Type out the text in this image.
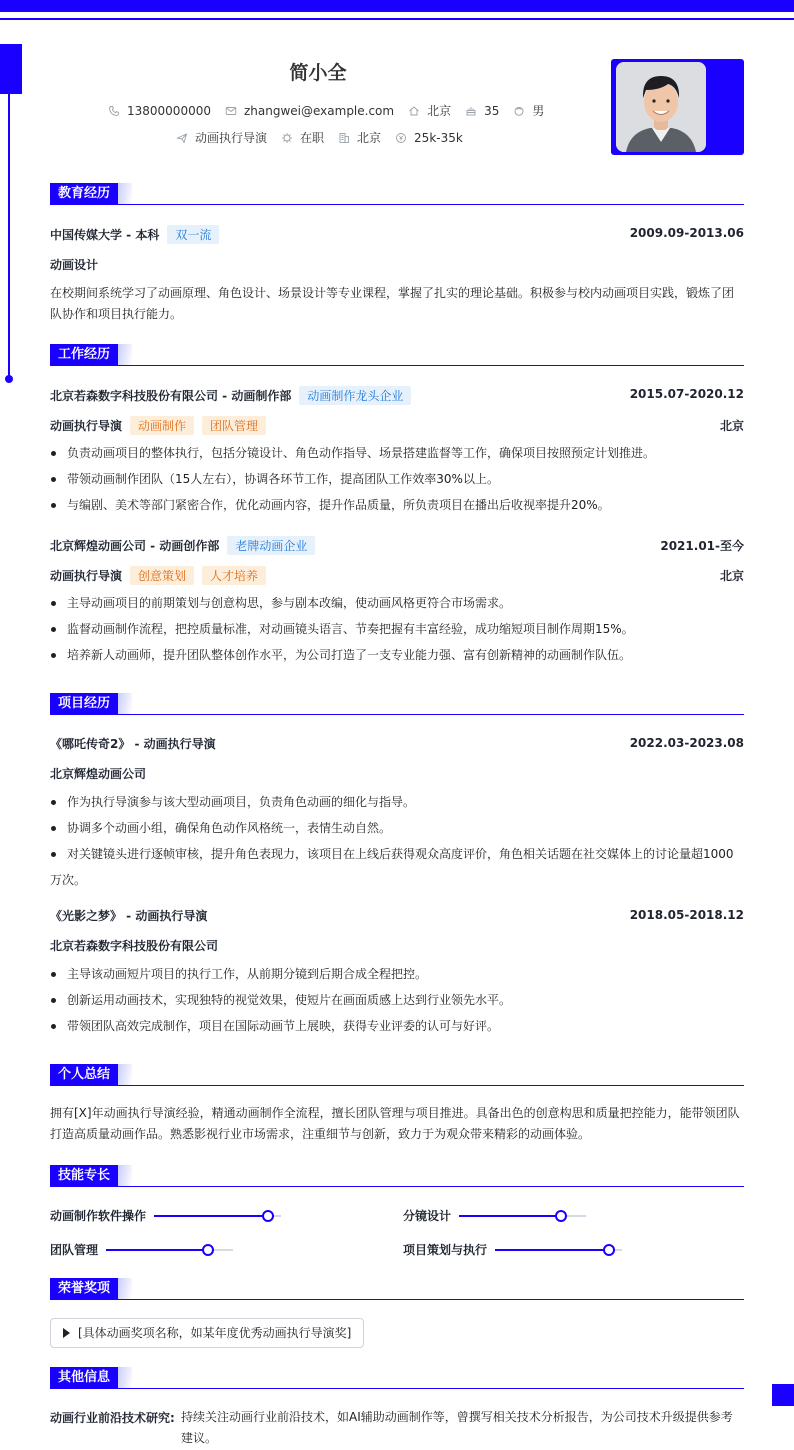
简小全
13800000000	zhangwei@example.com	北京	35	男
动画执行导演	在职	北京	25k-35k
教育经历
中国传媒大学 - 本科 双一流	2009.09-2013.06
动画设计
在校期间系统学习了动画原理、角色设计、场景设计等专业课程，掌握了扎实的理论基础。积极参与校内动画项目实践，锻炼了团队协作和项目执行能力。
工作经历
北京若森数字科技股份有限公司 - 动画制作部 动画制作龙头企业	2015.07-2020.12
动画执行导演 动画制作 团队管理	北京
负责动画项目的整体执行，包括分镜设计、角色动作指导、场景搭建监督等工作，确保项目按照预定计划推进。
带领动画制作团队（15人左右），协调各环节工作，提高团队工作效率30%以上。
与编剧、美术等部门紧密合作，优化动画内容，提升作品质量，所负责项目在播出后收视率提升20%。
北京辉煌动画公司 - 动画创作部 老牌动画企业	2021.01-至今
动画执行导演 创意策划 人才培养	北京
主导动画项目的前期策划与创意构思，参与剧本改编，使动画风格更符合市场需求。
监督动画制作流程，把控质量标准，对动画镜头语言、节奏把握有丰富经验，成功缩短项目制作周期15%。
培养新人动画师，提升团队整体创作水平，为公司打造了一支专业能力强、富有创新精神的动画制作队伍。
项目经历
《哪吒传奇2》 - 动画执行导演	2022.03-2023.08
北京辉煌动画公司
作为执行导演参与该大型动画项目，负责角色动画的细化与指导。
协调多个动画小组，确保角色动作风格统一，表情生动自然。
对关键镜头进行逐帧审核，提升角色表现力，该项目在上线后获得观众高度评价，角色相关话题在社交媒体上的讨论量超1000万次。
《光影之梦》 - 动画执行导演	2018.05-2018.12
北京若森数字科技股份有限公司
主导该动画短片项目的执行工作，从前期分镜到后期合成全程把控。
创新运用动画技术，实现独特的视觉效果，使短片在画面质感上达到行业领先水平。
带领团队高效完成制作，项目在国际动画节上展映，获得专业评委的认可与好评。
个人总结
拥有[X]年动画执行导演经验，精通动画制作全流程，擅长团队管理与项目推进。具备出色的创意构思和质量把控能力，能带领团队打造高质量动画作品。熟悉影视行业市场需求，注重细节与创新，致力于为观众带来精彩的动画体验。
技能专长
动画制作软件操作	分镜设计
团队管理	项目策划与执行
荣誉奖项
[具体动画奖项名称，如某年度优秀动画执行导演奖]
其他信息
动画行业前沿技术研究: 持续关注动画行业前沿技术，如AI辅助动画制作等，曾撰写相关技术分析报告，为公司技术升级提供参考建议。
